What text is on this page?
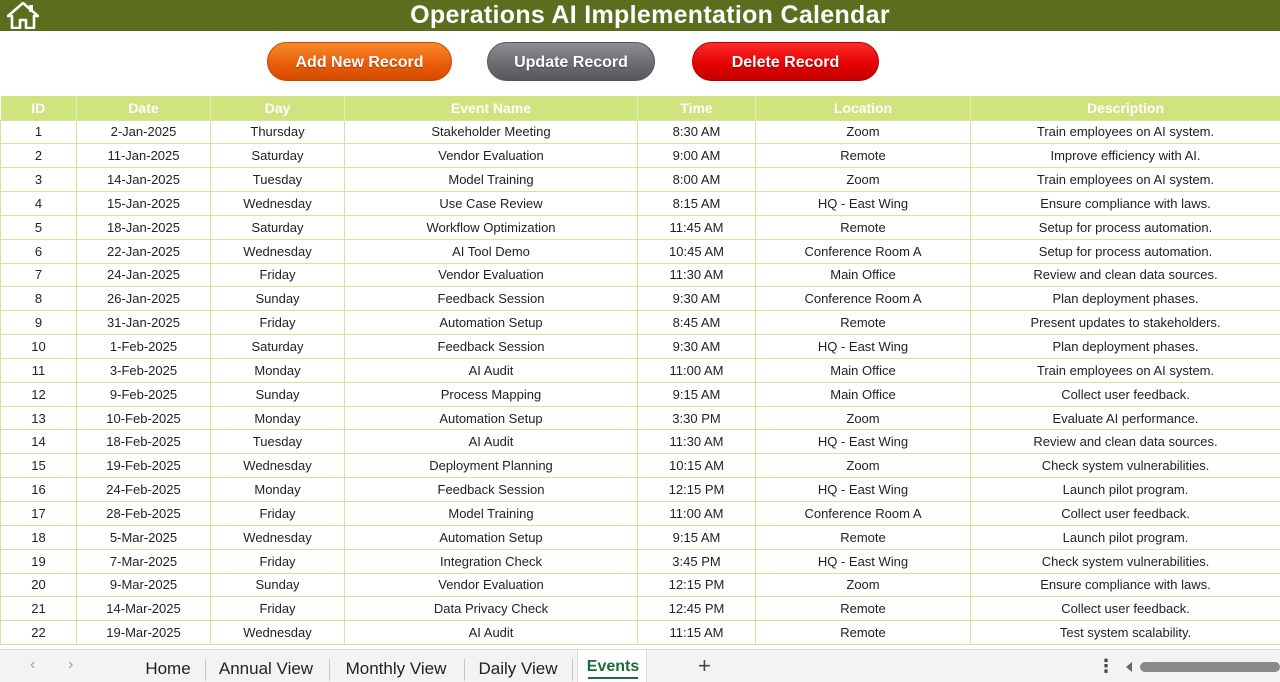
Operations AI Implementation Calendar
Add New Record	Update Record	Delete Record
ID	Date	Day	Event Name	Time	Location	Description
1	2-Jan-2025	Thursday	Stakeholder Meeting	8:30 AM	Zoom	Train employees on AI system.
2	11-Jan-2025	Saturday	Vendor Evaluation	9:00 AM	Remote	Improve efficiency with AI.
3	14-Jan-2025	Tuesday	Model Training	8:00 AM	Zoom	Train employees on AI system.
4	15-Jan-2025	Wednesday	Use Case Review	8:15 AM	HQ - East Wing	Ensure compliance with laws.
5	18-Jan-2025	Saturday	Workflow Optimization	11:45 AM	Remote	Setup for process automation.
6	22-Jan-2025	Wednesday	AI Tool Demo	10:45 AM	Conference Room A	Setup for process automation.
7	24-Jan-2025	Friday	Vendor Evaluation	11:30 AM	Main Office	Review and clean data sources.
8	26-Jan-2025	Sunday	Feedback Session	9:30 AM	Conference Room A	Plan deployment phases.
9	31-Jan-2025	Friday	Automation Setup	8:45 AM	Remote	Present updates to stakeholders.
10	1-Feb-2025	Saturday	Feedback Session	9:30 AM	HQ - East Wing	Plan deployment phases.
11	3-Feb-2025	Monday	AI Audit	11:00 AM	Main Office	Train employees on AI system.
12	9-Feb-2025	Sunday	Process Mapping	9:15 AM	Main Office	Collect user feedback.
13	10-Feb-2025	Monday	Automation Setup	3:30 PM	Zoom	Evaluate AI performance.
14	18-Feb-2025	Tuesday	AI Audit	11:30 AM	HQ - East Wing	Review and clean data sources.
15	19-Feb-2025	Wednesday	Deployment Planning	10:15 AM	Zoom	Check system vulnerabilities.
16	24-Feb-2025	Monday	Feedback Session	12:15 PM	HQ - East Wing	Launch pilot program.
17	28-Feb-2025	Friday	Model Training	11:00 AM	Conference Room A	Collect user feedback.
18	5-Mar-2025	Wednesday	Automation Setup	9:15 AM	Remote	Launch pilot program.
19	7-Mar-2025	Friday	Integration Check	3:45 PM	HQ - East Wing	Check system vulnerabilities.
20	9-Mar-2025	Sunday	Vendor Evaluation	12:15 PM	Zoom	Ensure compliance with laws.
21	14-Mar-2025	Friday	Data Privacy Check	12:45 PM	Remote	Collect user feedback.
22	19-Mar-2025	Wednesday	AI Audit	11:15 AM	Remote	Test system scalability.
‹ ›	Home	Annual View	Monthly View	Daily View	Events	+	⋮
